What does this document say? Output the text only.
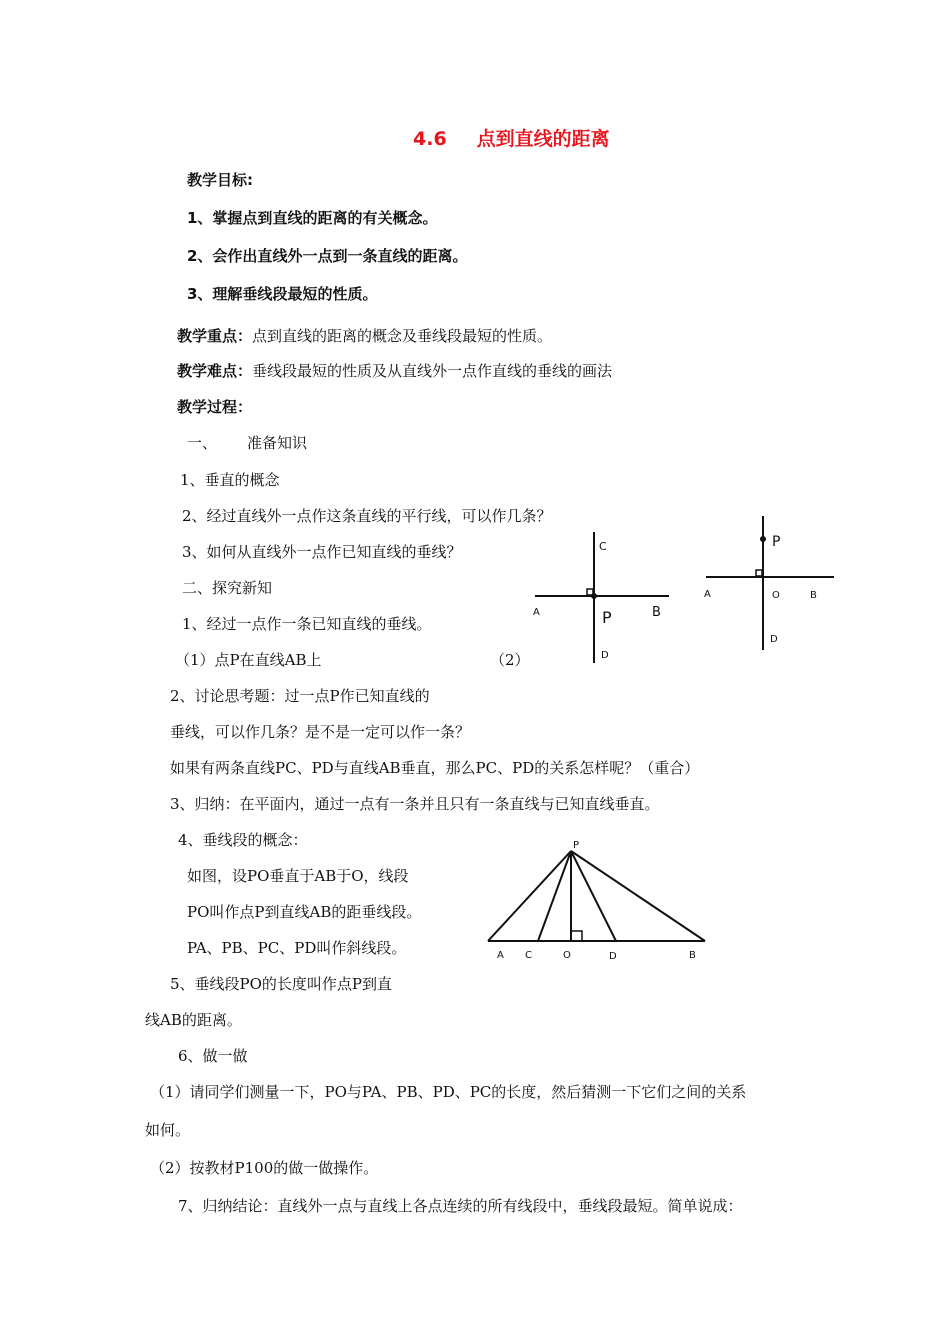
4.6 点到直线的距离
教学目标:
1、掌握点到直线的距离的有关概念。
2、会作出直线外一点到一条直线的距离。
3、理解垂线段最短的性质。
教学重点：点到直线的距离的概念及垂线段最短的性质。
教学难点：垂线段最短的性质及从直线外一点作直线的垂线的画法
教学过程：
一、 准备知识
1、垂直的概念
2、经过直线外一点作这条直线的平行线，可以作几条？
3、如何从直线外一点作已知直线的垂线？
二、探究新知
1、经过一点作一条已知直线的垂线。
（1）点P在直线AB上	（2）
2、讨论思考题：过一点P作已知直线的
垂线，可以作几条？是不是一定可以作一条？
如果有两条直线PC、PD与直线AB垂直，那么PC、PD的关系怎样呢？（重合）
3、归纳：在平面内，通过一点有一条并且只有一条直线与已知直线垂直。
4、垂线段的概念：
如图，设PO垂直于AB于O，线段
PO叫作点P到直线AB的距垂线段。
PA、PB、PC、PD叫作斜线段。
5、垂线段PO的长度叫作点P到直
线AB的距离。
6、做一做
（1）请同学们测量一下，PO与PA、PB、PD、PC的长度，然后猜测一下它们之间的关系
如何。
（2）按教材P100的做一做操作。
7、归纳结论：直线外一点与直线上各点连续的所有线段中，垂线段最短。简单说成：
C
A	P	B
D
P
A	O	B
D
P
A C	O	D	B
